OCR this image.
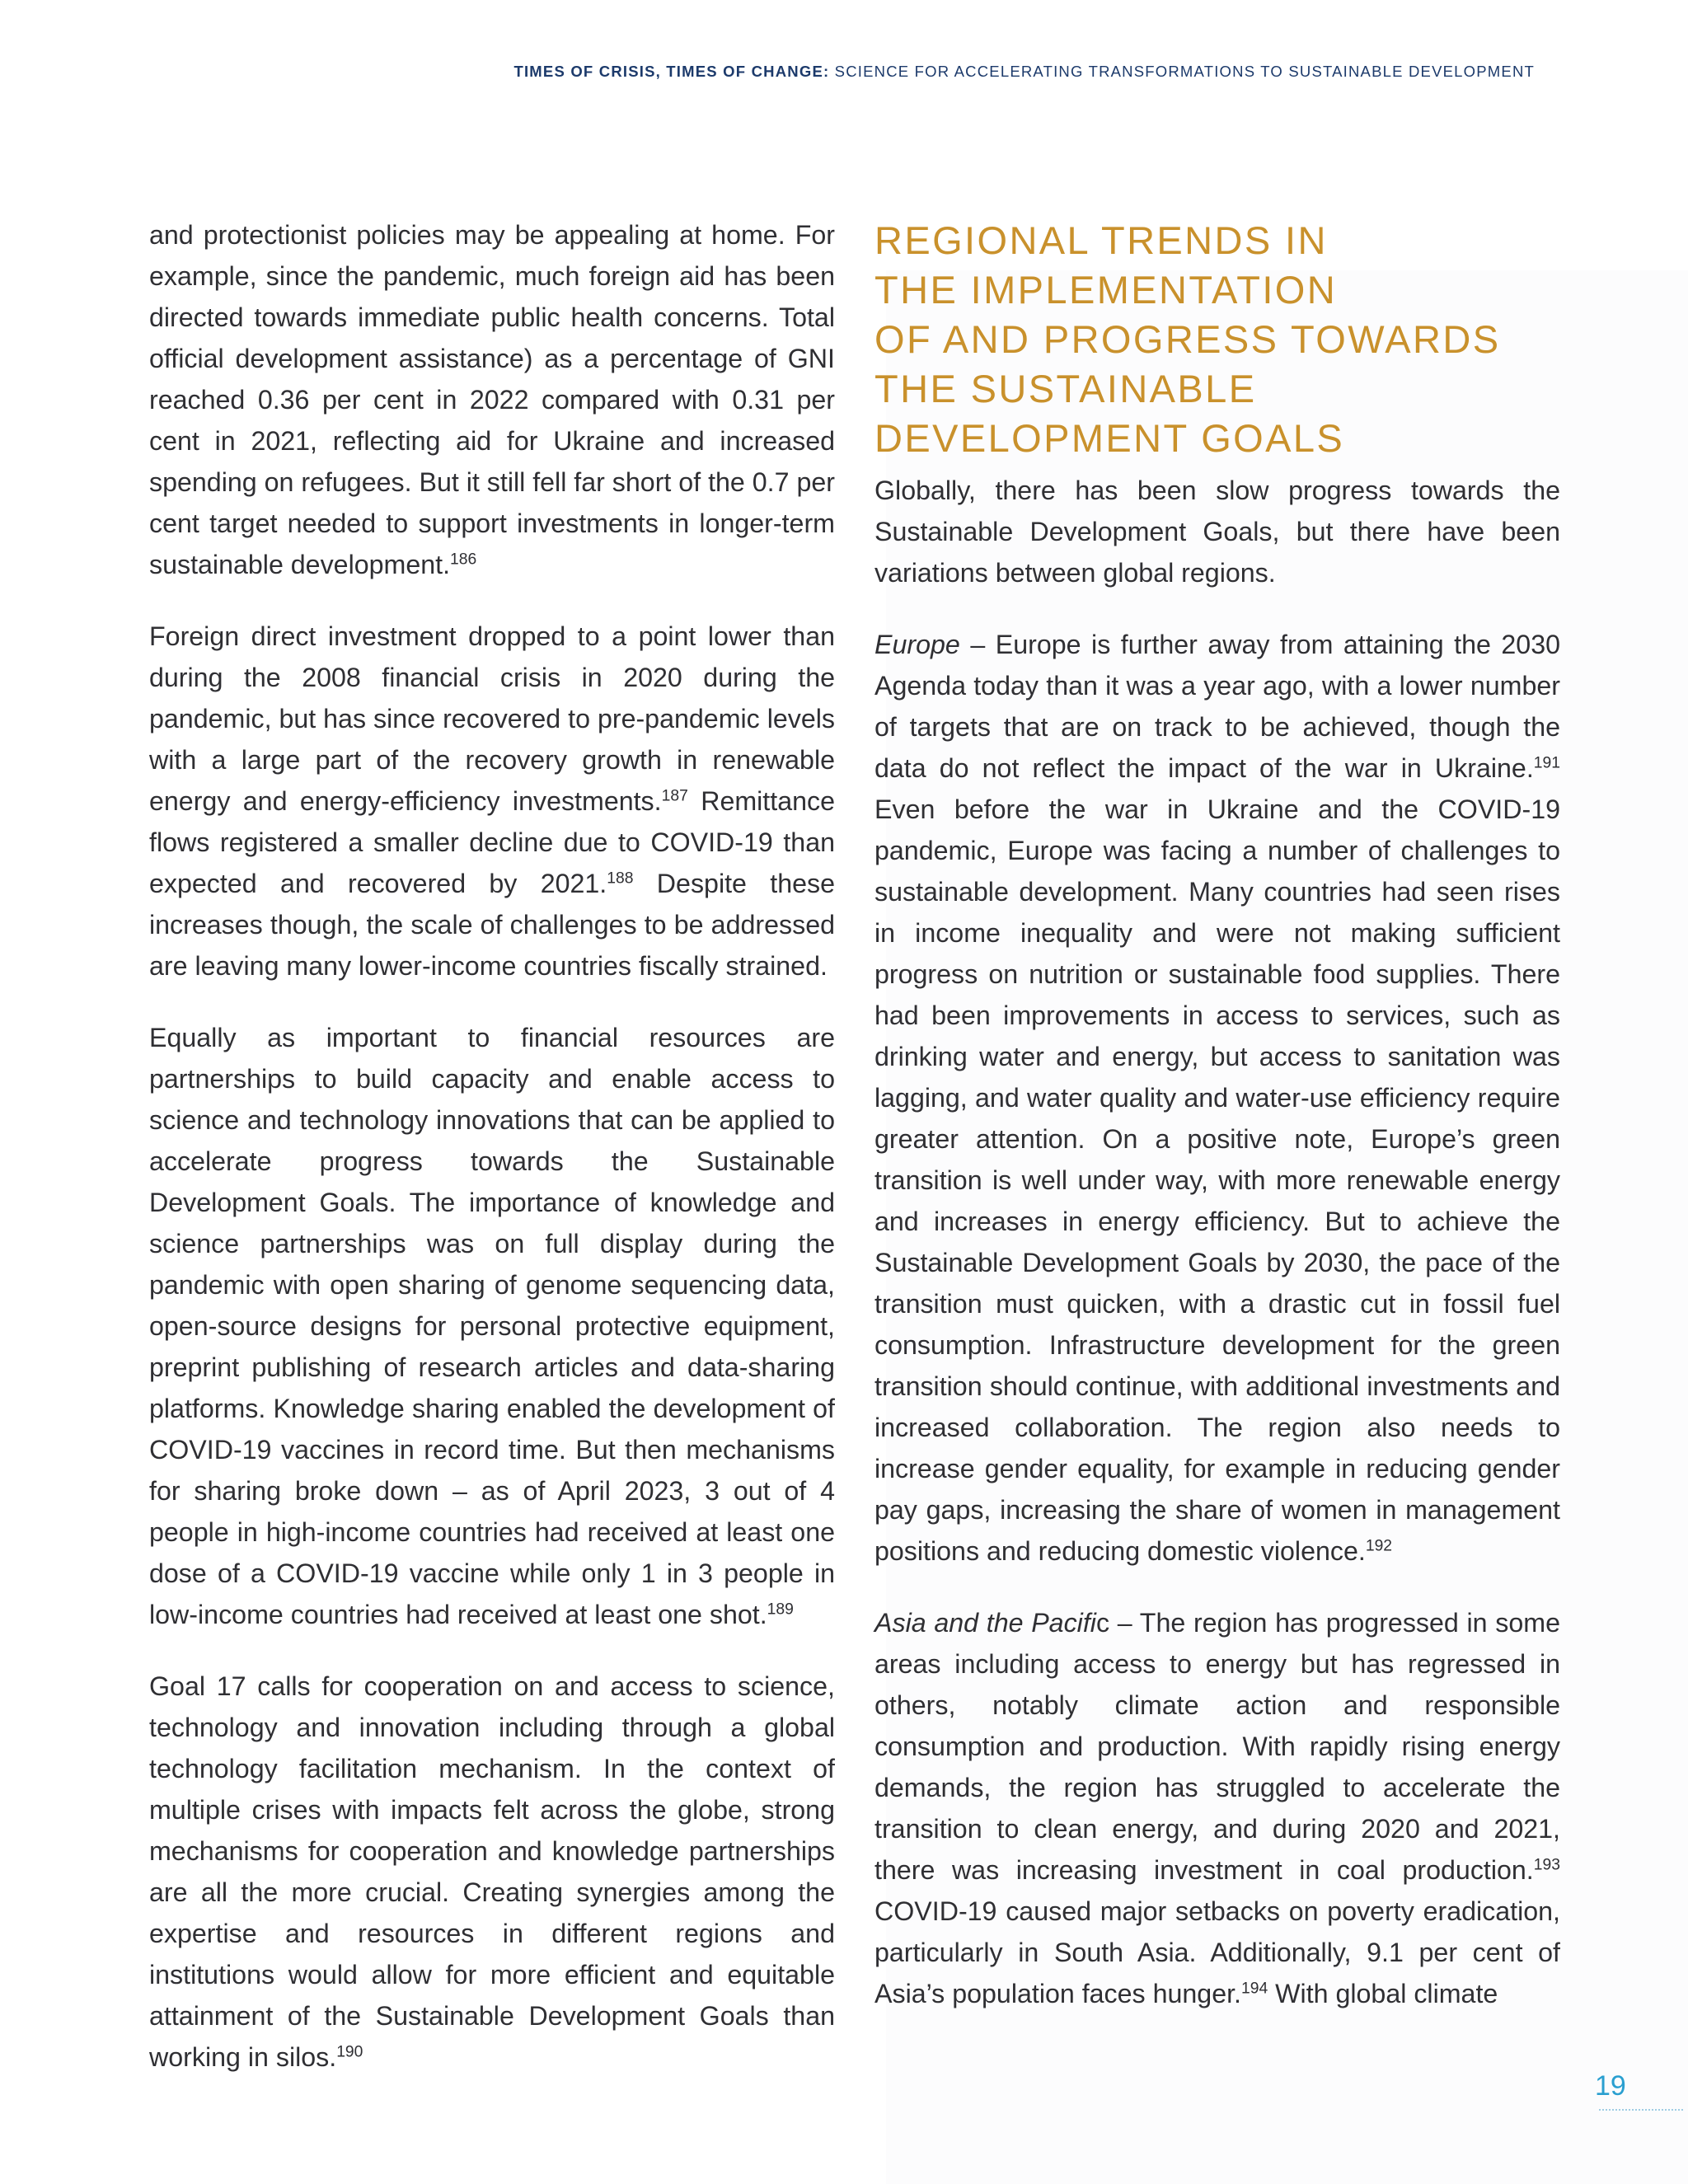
TIMES OF CRISIS, TIMES OF CHANGE: SCIENCE FOR ACCELERATING TRANSFORMATIONS TO SUSTAINABLE DEVELOPMENT

and protectionist policies may be appealing at home. For example, since the pandemic, much foreign aid has been directed towards immediate public health concerns. Total official development assistance) as a percentage of GNI reached 0.36 per cent in 2022 compared with 0.31 per cent in 2021, reflecting aid for Ukraine and increased spending on refugees. But it still fell far short of the 0.7 per cent target needed to support investments in longer-term sustainable development.$^{186}$

Foreign direct investment dropped to a point lower than during the 2008 financial crisis in 2020 during the pandemic, but has since recovered to pre-pandemic levels with a large part of the recovery growth in renewable energy and energy-efficiency investments.$^{187}$ Remittance flows registered a smaller decline due to COVID-19 than expected and recovered by 2021.$^{188}$ Despite these increases though, the scale of challenges to be addressed are leaving many lower-income countries fiscally strained.

Equally as important to financial resources are partnerships to build capacity and enable access to science and technology innovations that can be applied to accelerate progress towards the Sustainable Development Goals. The importance of knowledge and science partnerships was on full display during the pandemic with open sharing of genome sequencing data, open-source designs for personal protective equipment, preprint publishing of research articles and data-sharing platforms. Knowledge sharing enabled the development of COVID-19 vaccines in record time. But then mechanisms for sharing broke down – as of April 2023, 3 out of 4 people in high-income countries had received at least one dose of a COVID-19 vaccine while only 1 in 3 people in low-income countries had received at least one shot.$^{189}$

Goal 17 calls for cooperation on and access to science, technology and innovation including through a global technology facilitation mechanism. In the context of multiple crises with impacts felt across the globe, strong mechanisms for cooperation and knowledge partnerships are all the more crucial. Creating synergies among the expertise and resources in different regions and institutions would allow for more efficient and equitable attainment of the Sustainable Development Goals than working in silos.$^{190}$

REGIONAL TRENDS IN
THE IMPLEMENTATION
OF AND PROGRESS TOWARDS
THE SUSTAINABLE
DEVELOPMENT GOALS

Globally, there has been slow progress towards the Sustainable Development Goals, but there have been variations between global regions.

Europe – Europe is further away from attaining the 2030 Agenda today than it was a year ago, with a lower number of targets that are on track to be achieved, though the data do not reflect the impact of the war in Ukraine.$^{191}$ Even before the war in Ukraine and the COVID-19 pandemic, Europe was facing a number of challenges to sustainable development. Many countries had seen rises in income inequality and were not making sufficient progress on nutrition or sustainable food supplies. There had been improvements in access to services, such as drinking water and energy, but access to sanitation was lagging, and water quality and water-use efficiency require greater attention. On a positive note, Europe’s green transition is well under way, with more renewable energy and increases in energy efficiency. But to achieve the Sustainable Development Goals by 2030, the pace of the transition must quicken, with a drastic cut in fossil fuel consumption. Infrastructure development for the green transition should continue, with additional investments and increased collaboration. The region also needs to increase gender equality, for example in reducing gender pay gaps, increasing the share of women in management positions and reducing domestic violence.$^{192}$

Asia and the Pacific – The region has progressed in some areas including access to energy but has regressed in others, notably climate action and responsible consumption and production. With rapidly rising energy demands, the region has struggled to accelerate the transition to clean energy, and during 2020 and 2021, there was increasing investment in coal production.$^{193}$ COVID-19 caused major setbacks on poverty eradication, particularly in South Asia. Additionally, 9.1 per cent of Asia’s population faces hunger.$^{194}$ With global climate

19
